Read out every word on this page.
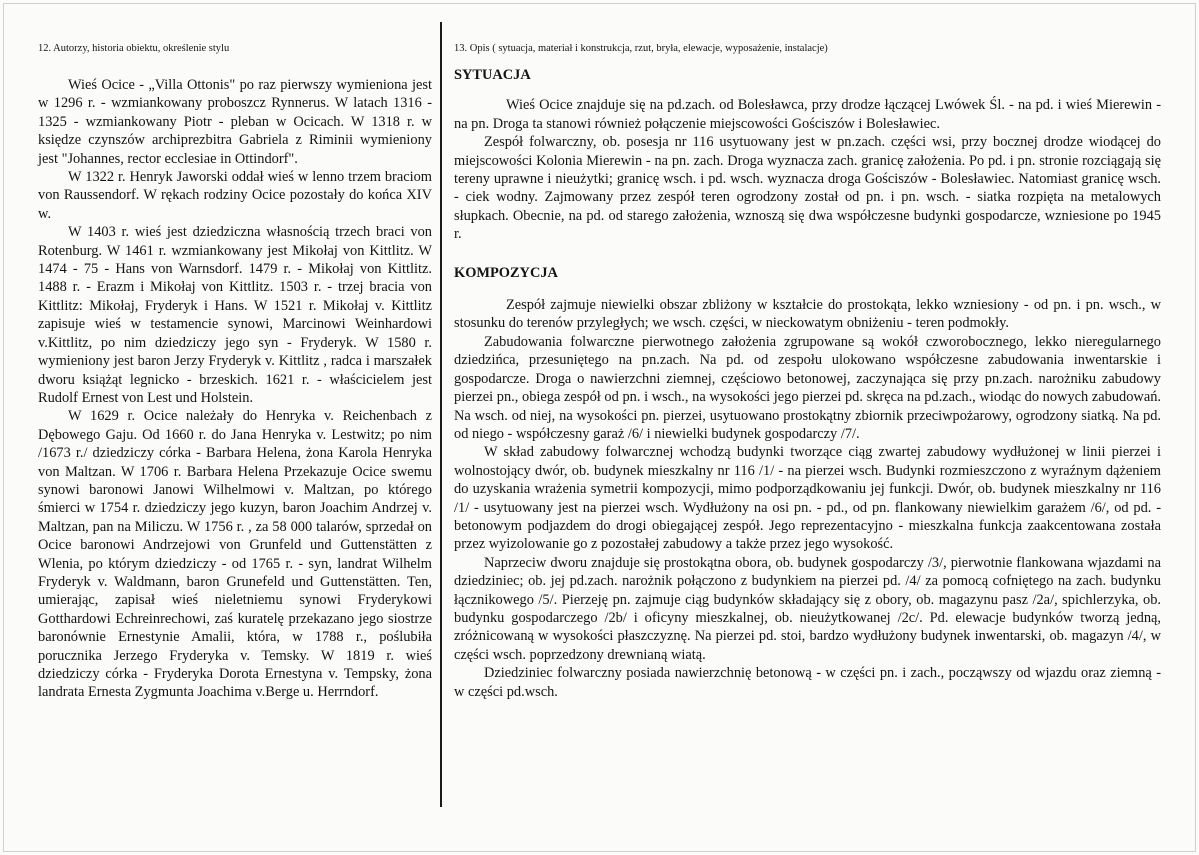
12. Autorzy, historia obiektu, określenie stylu

Wieś Ocice - „Villa Ottonis" po raz pierwszy wymieniona jest w 1296 r. - wzmiankowany proboszcz Rynnerus. W latach 1316 - 1325 - wzmiankowany Piotr - pleban w Ocicach. W 1318 r. w księdze czynszów archiprezbitra Gabriela z Riminii wymieniony jest "Johannes, rector ecclesiae in Ottindorf".

W 1322 r. Henryk Jaworski oddał wieś w lenno trzem braciom von Raussendorf. W rękach rodziny Ocice pozostały do końca XIV w.

W 1403 r. wieś jest dziedziczna własnością trzech braci von Rotenburg. W 1461 r. wzmiankowany jest Mikołaj von Kittlitz. W 1474 - 75 - Hans von Warnsdorf. 1479 r. - Mikołaj von Kittlitz. 1488 r. - Erazm i Mikołaj von Kittlitz. 1503 r. - trzej bracia von Kittlitz: Mikołaj, Fryderyk i Hans. W 1521 r. Mikołaj v. Kittlitz zapisuje wieś w testamencie synowi, Marcinowi Weinhardowi v.Kittlitz, po nim dziedziczy jego syn - Fryderyk. W 1580 r. wymieniony jest baron Jerzy Fryderyk v. Kittlitz , radca i marszałek dworu książąt legnicko - brzeskich. 1621 r. - właścicielem jest Rudolf Ernest von Lest und Holstein.

W 1629 r. Ocice należały do Henryka v. Reichenbach z Dębowego Gaju. Od 1660 r. do Jana Henryka v. Lestwitz; po nim /1673 r./ dziedziczy córka - Barbara Helena, żona Karola Henryka von Maltzan. W 1706 r. Barbara Helena Przekazuje Ocice swemu synowi baronowi Janowi Wilhelmowi v. Maltzan, po którego śmierci w 1754 r. dziedziczy jego kuzyn, baron Joachim Andrzej v. Maltzan, pan na Miliczu. W 1756 r. , za 58 000 talarów, sprzedał on Ocice baronowi Andrzejowi von Grunfeld und Guttenstätten z Wlenia, po którym dziedziczy - od 1765 r. - syn, landrat Wilhelm Fryderyk v. Waldmann, baron Grunefeld und Guttenstätten. Ten, umierając, zapisał wieś nieletniemu synowi Fryderykowi Gotthardowi Echreinrechowi, zaś kuratelę przekazano jego siostrze baronównie Ernestynie Amalii, która, w 1788 r., poślubiła porucznika Jerzego Fryderyka v. Temsky. W 1819 r. wieś dziedziczy córka - Fryderyka Dorota Ernestyna v. Tempsky, żona landrata Ernesta Zygmunta Joachima v.Berge u. Herrndorf.

13. Opis ( sytuacja, materiał i konstrukcja, rzut, bryła, elewacje, wyposażenie, instalacje)
SYTUACJA

Wieś Ocice znajduje się na pd.zach. od Bolesławca, przy drodze łączącej Lwówek Śl. - na pd. i wieś Mierewin - na pn. Droga ta stanowi również połączenie miejscowości Gościszów i Bolesławiec.

Zespół folwarczny, ob. posesja nr 116 usytuowany jest w pn.zach. części wsi, przy bocznej drodze wiodącej do miejscowości Kolonia Mierewin - na pn. zach. Droga wyznacza zach. granicę założenia. Po pd. i pn. stronie rozciągają się tereny uprawne i nieużytki; granicę wsch. i pd. wsch. wyznacza droga Gościszów - Bolesławiec. Natomiast granicę wsch. - ciek wodny. Zajmowany przez zespół teren ogrodzony został od pn. i pn. wsch. - siatka rozpięta na metalowych słupkach. Obecnie, na pd. od starego założenia, wznoszą się dwa współczesne budynki gospodarcze, wzniesione po 1945 r.

KOMPOZYCJA

Zespół zajmuje niewielki obszar zbliżony w kształcie do prostokąta, lekko wzniesiony - od pn. i pn. wsch., w stosunku do terenów przyległych; we wsch. części, w nieckowatym obniżeniu - teren podmokły.

Zabudowania folwarczne pierwotnego założenia zgrupowane są wokół czworobocznego, lekko nieregularnego dziedzińca, przesuniętego na pn.zach. Na pd. od zespołu ulokowano współczesne zabudowania inwentarskie i gospodarcze. Droga o nawierzchni ziemnej, częściowo betonowej, zaczynająca się przy pn.zach. narożniku zabudowy pierzei pn., obiega zespół od pn. i wsch., na wysokości jego pierzei pd. skręca na pd.zach., wiodąc do nowych zabudowań. Na wsch. od niej, na wysokości pn. pierzei, usytuowano prostokątny zbiornik przeciwpożarowy, ogrodzony siatką. Na pd. od niego - współczesny garaż /6/ i niewielki budynek gospodarczy /7/.

W skład zabudowy folwarcznej wchodzą budynki tworzące ciąg zwartej zabudowy wydłużonej w linii pierzei i wolnostojący dwór, ob. budynek mieszkalny nr 116 /1/ - na pierzei wsch. Budynki rozmieszczono z wyraźnym dążeniem do uzyskania wrażenia symetrii kompozycji, mimo podporządkowaniu jej funkcji. Dwór, ob. budynek mieszkalny nr 116 /1/ - usytuowany jest na pierzei wsch. Wydłużony na osi pn. - pd., od pn. flankowany niewielkim garażem /6/, od pd. - betonowym podjazdem do drogi obiegającej zespół. Jego reprezentacyjno - mieszkalna funkcja zaakcentowana została przez wyizolowanie go z pozostałej zabudowy a także przez jego wysokość.

Naprzeciw dworu znajduje się prostokątna obora, ob. budynek gospodarczy /3/, pierwotnie flankowana wjazdami na dziedziniec; ob. jej pd.zach. narożnik połączono z budynkiem na pierzei pd. /4/ za pomocą cofniętego na zach. budynku łącznikowego /5/. Pierzeję pn. zajmuje ciąg budynków składający się z obory, ob. magazynu pasz /2a/, spichlerzyka, ob. budynku gospodarczego /2b/ i oficyny mieszkalnej, ob. nieużytkowanej /2c/. Pd. elewacje budynków tworzą jedną, zróżnicowaną w wysokości płaszczyznę. Na pierzei pd. stoi, bardzo wydłużony budynek inwentarski, ob. magazyn /4/, w części wsch. poprzedzony drewnianą wiatą.

Dziedziniec folwarczny posiada nawierzchnię betonową - w części pn. i zach., począwszy od wjazdu oraz ziemną - w części pd.wsch.
